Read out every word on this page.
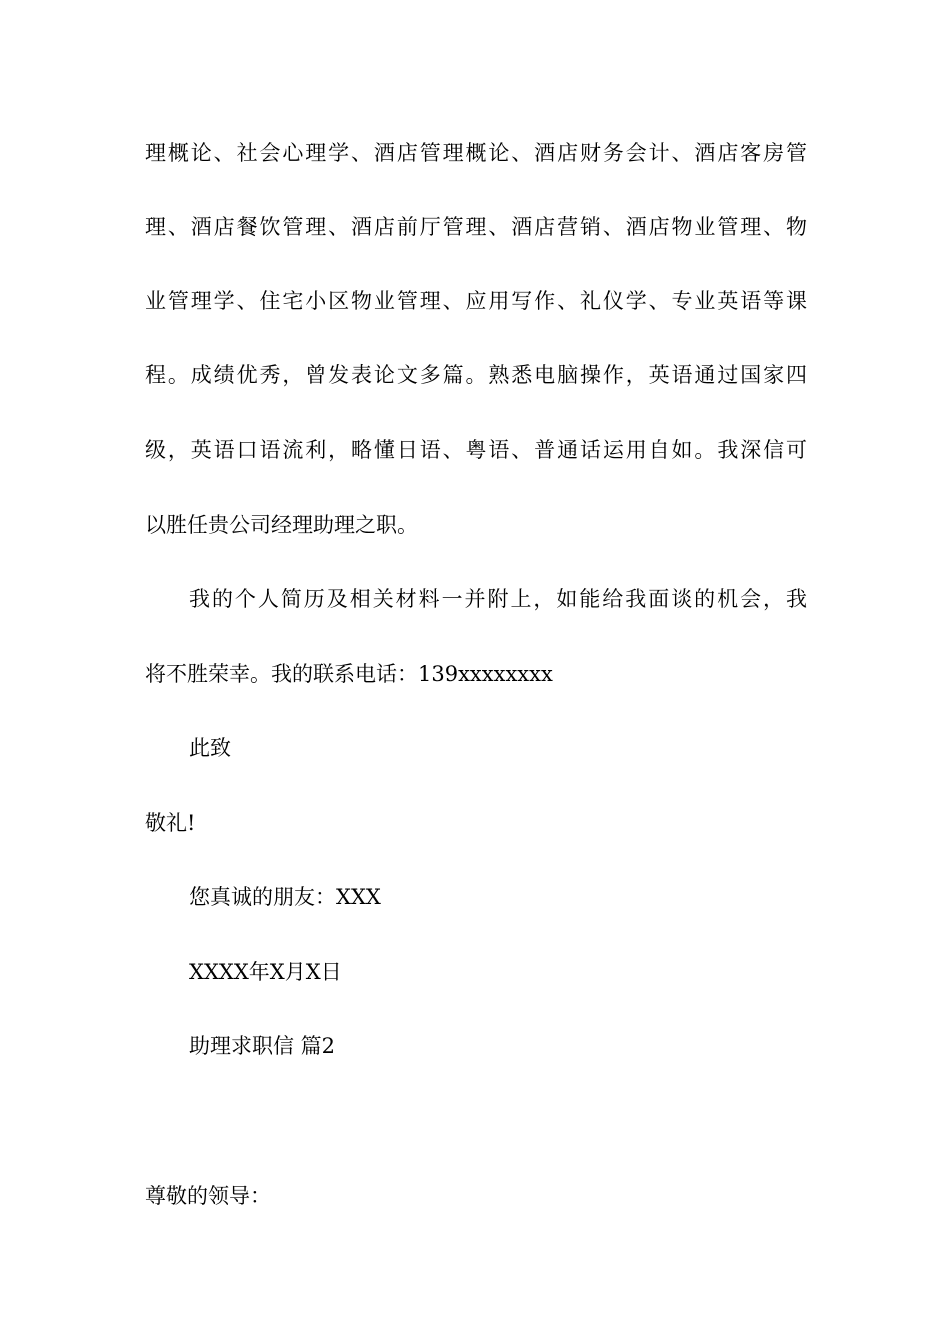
理概论、社会心理学、酒店管理概论、酒店财务会计、酒店客房管
理、酒店餐饮管理、酒店前厅管理、酒店营销、酒店物业管理、物
业管理学、住宅小区物业管理、应用写作、礼仪学、专业英语等课
程。成绩优秀，曾发表论文多篇。熟悉电脑操作，英语通过国家四
级，英语口语流利，略懂日语、粤语、普通话运用自如。我深信可
以胜任贵公司经理助理之职。
我的个人简历及相关材料一并附上，如能给我面谈的机会，我
将不胜荣幸。我的联系电话：139xxxxxxxx
此致
敬礼!
您真诚的朋友：XXX
XXXX年X月X日
助理求职信 篇2
尊敬的领导：
